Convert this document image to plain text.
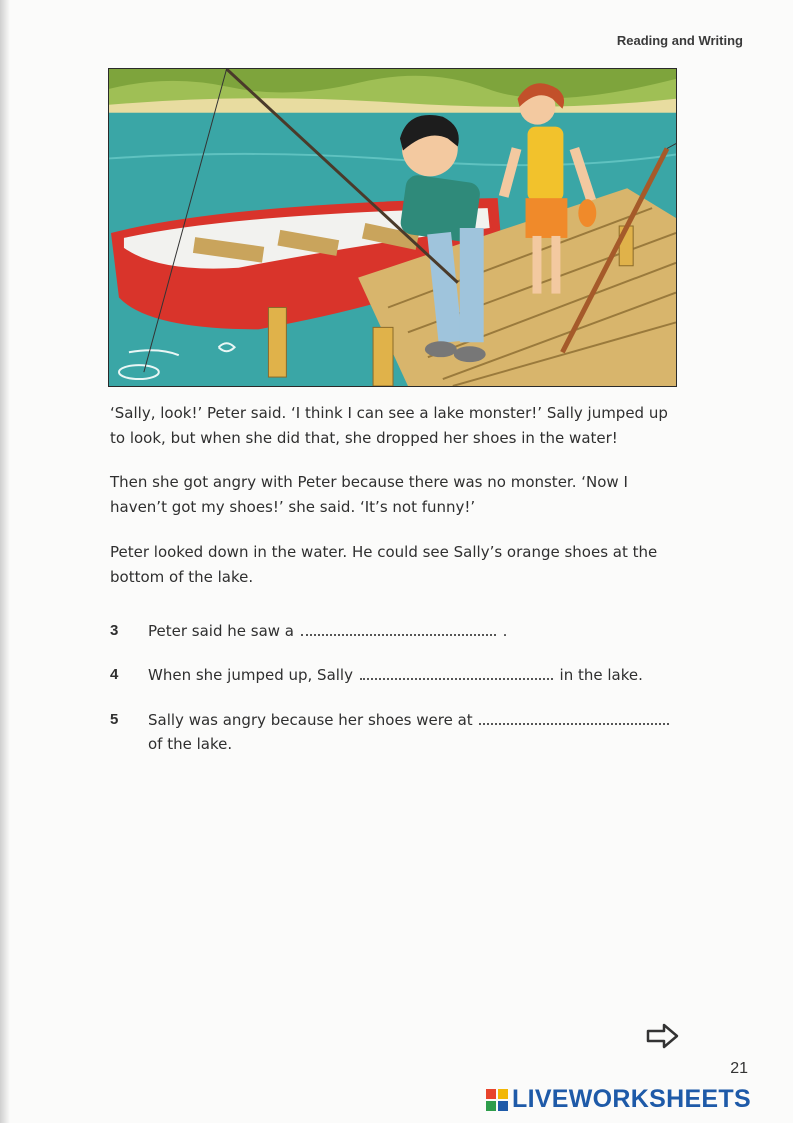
Reading and Writing
‘Sally, look!’ Peter said. ‘I think I can see a lake monster!’ Sally jumped up
to look, but when she did that, she dropped her shoes in the water!
Then she got angry with Peter because there was no monster. ‘Now I
haven’t got my shoes!’ she said. ‘It’s not funny!’
Peter looked down in the water. He could see Sally’s orange shoes at the
bottom of the lake.
3 Peter said he saw a	.
4 When she jumped up, Sally	in the lake.
5 Sally was angry because her shoes were at
of the lake.
21
LIVEWORKSHEETS
